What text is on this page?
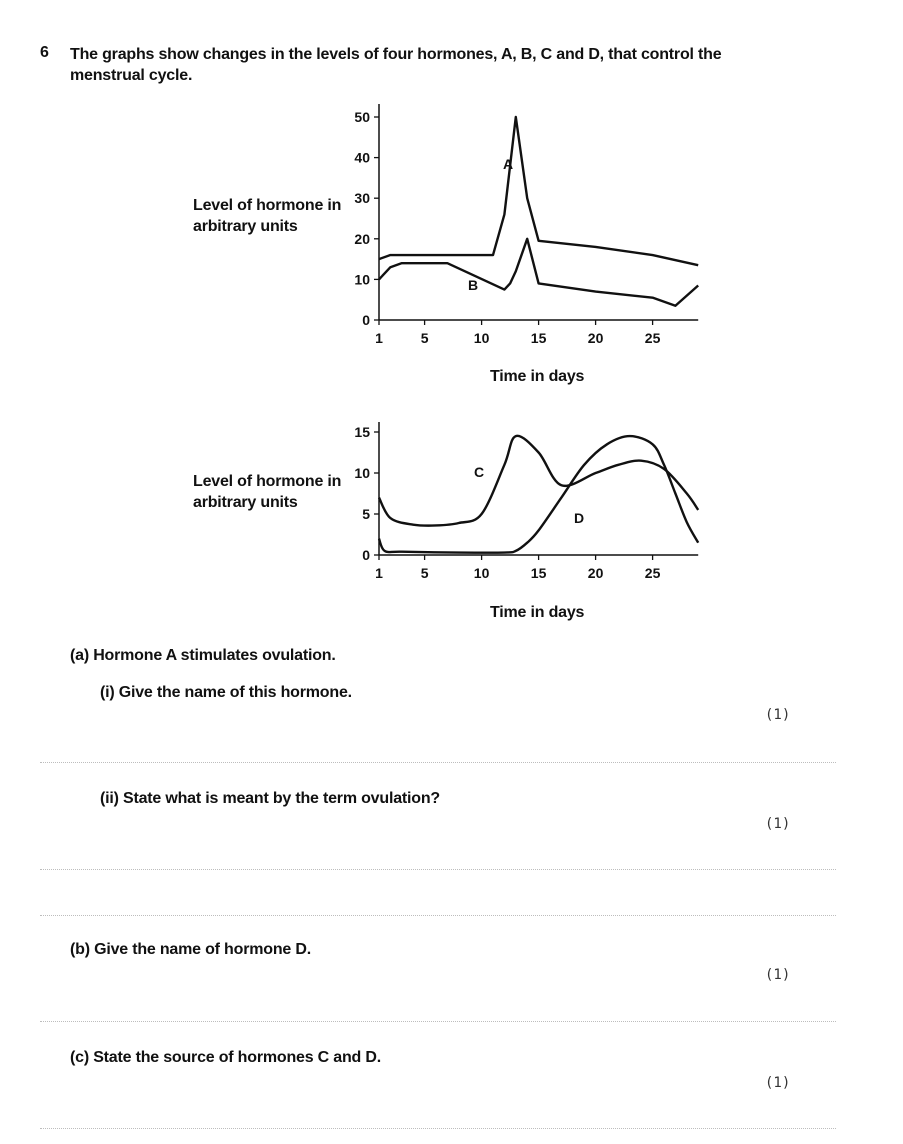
6 The graphs show changes in the levels of four hormones, A, B, C and D, that control the menstrual cycle.
Level of hormone in arbitrary units
0
10
20
30
40
50
1	5	10	15	20	25
A
B
Time in days
Level of hormone in arbitrary units
0
5
10
15
1	5	10	15	20	25
C
D
Time in days
(a) Hormone A stimulates ovulation.
(i) Give the name of this hormone.
(1)
(ii) State what is meant by the term ovulation?
(1)
(b) Give the name of hormone D.
(1)
(c) State the source of hormones C and D.
(1)
